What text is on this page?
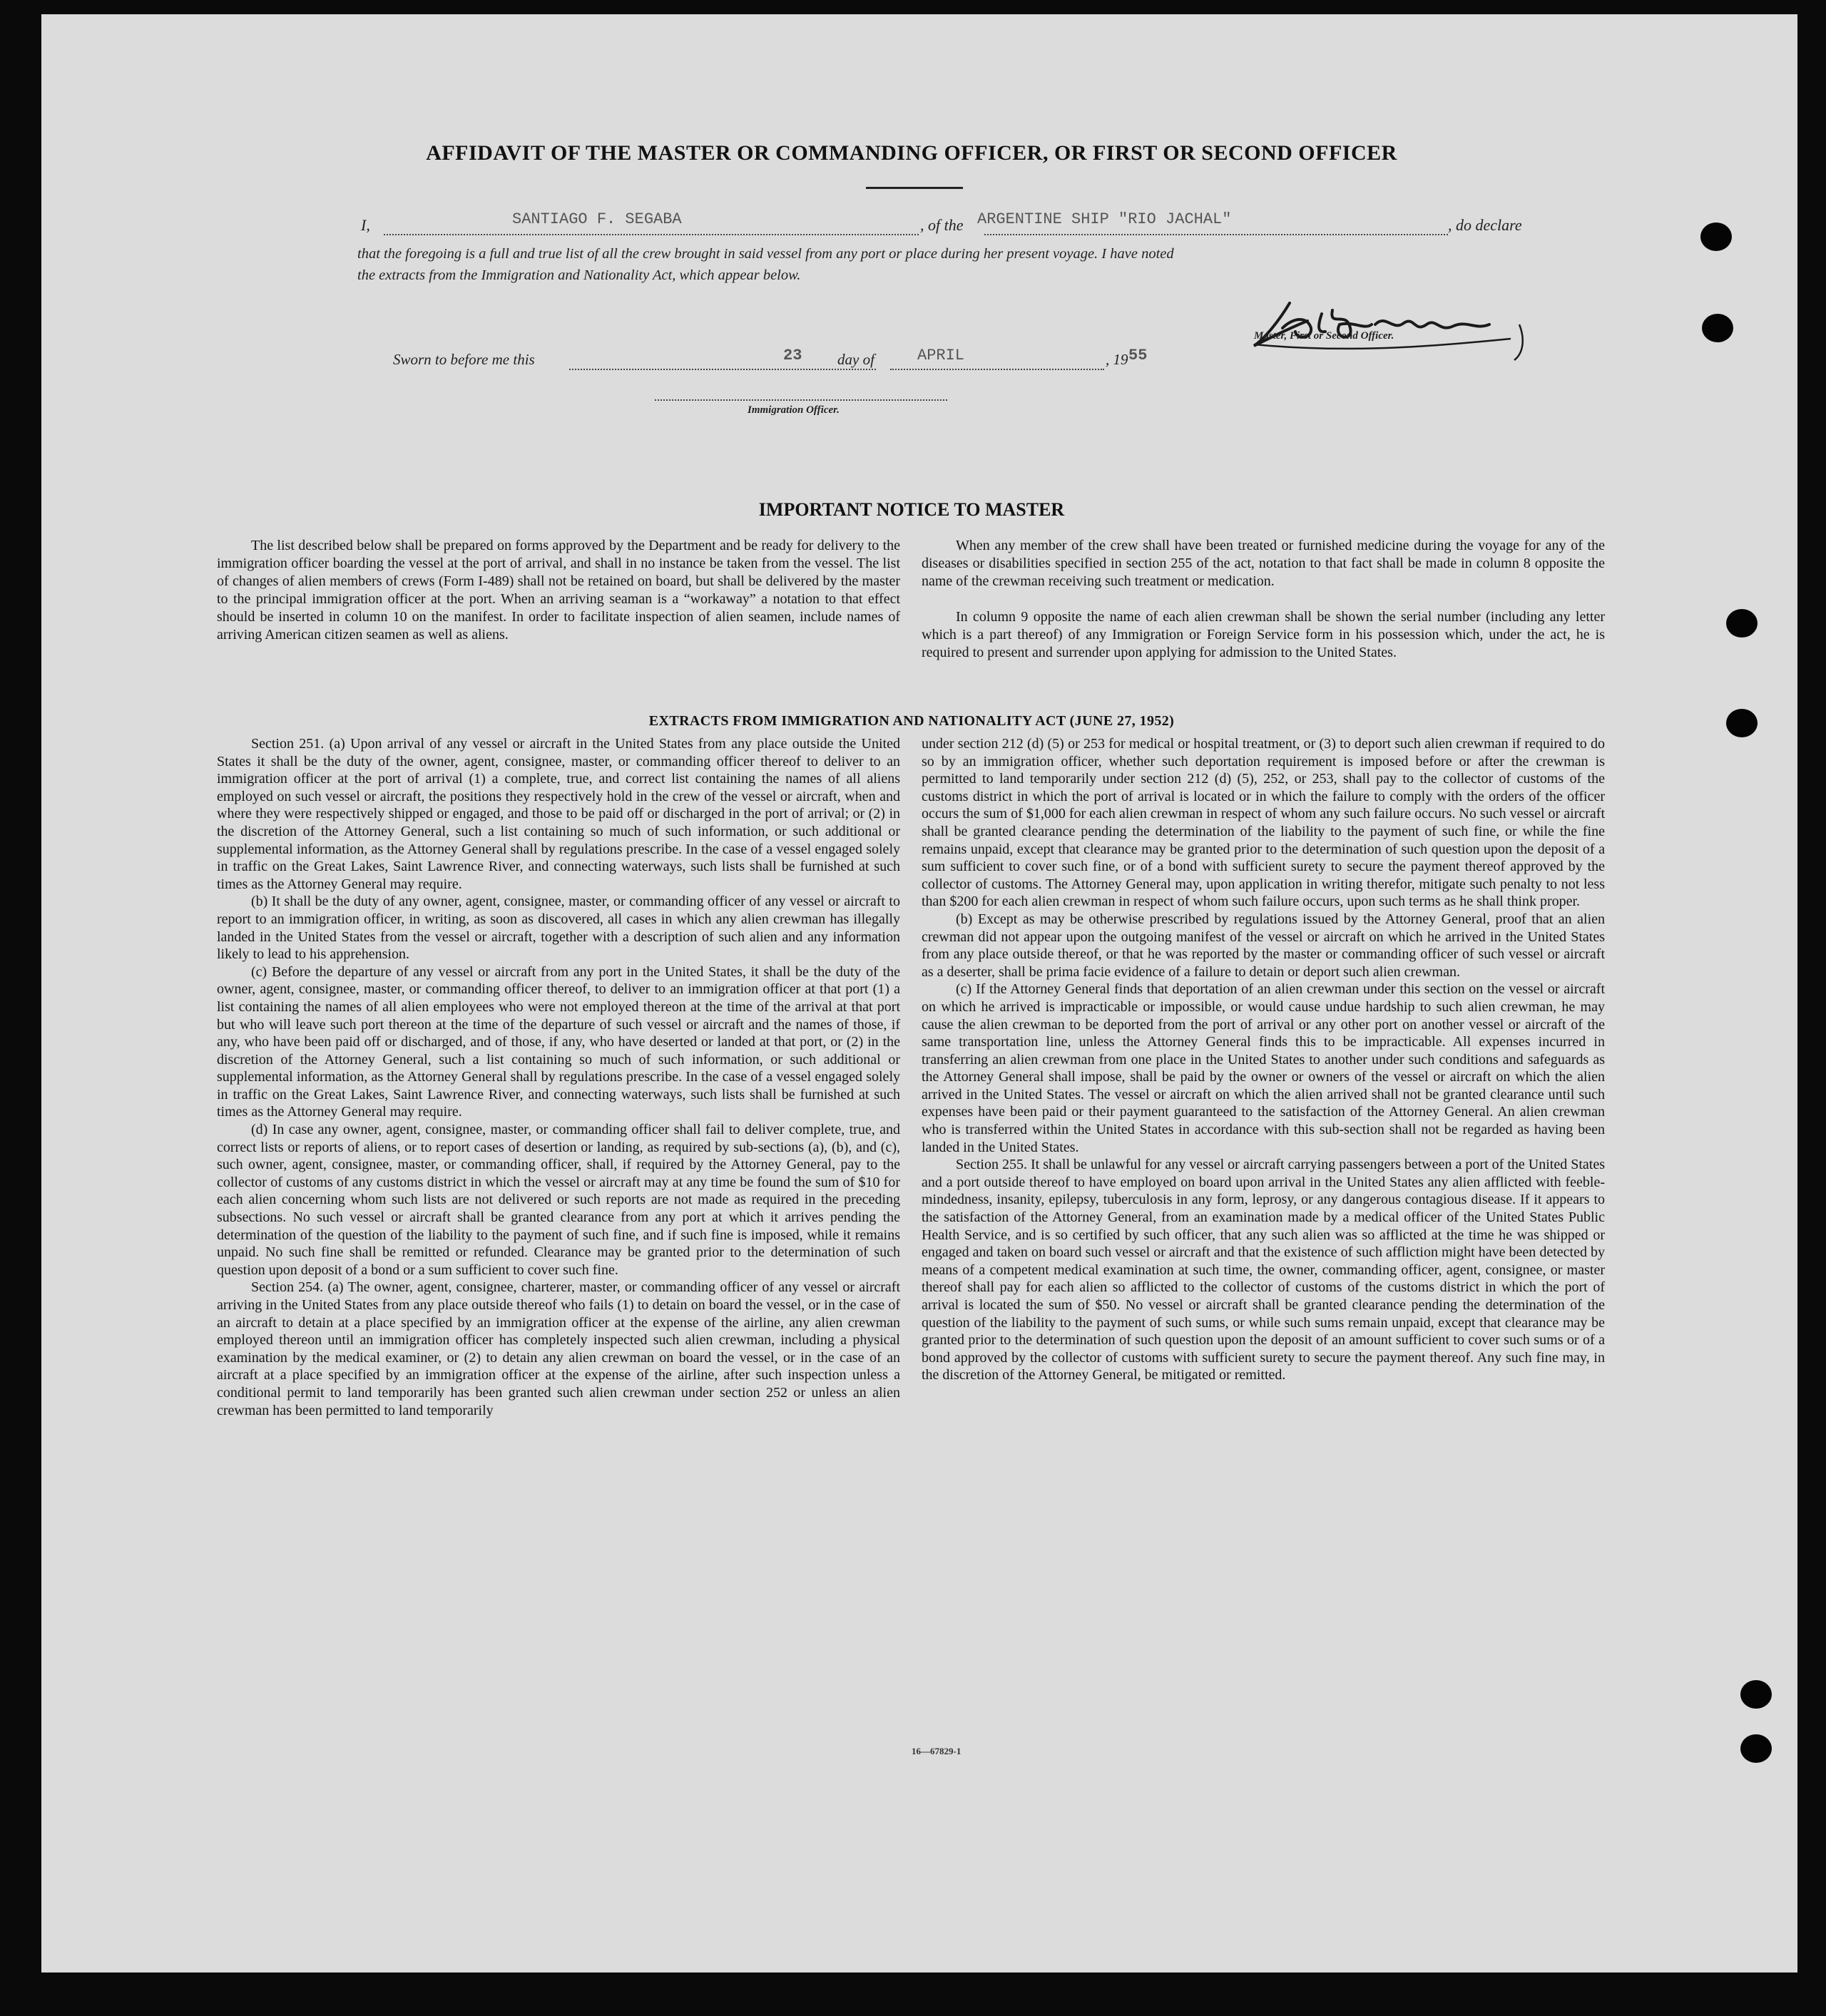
AFFIDAVIT OF THE MASTER OR COMMANDING OFFICER, OR FIRST OR SECOND OFFICER
I,	SANTIAGO F. SEGABA	, of the ARGENTINE SHIP "RIO JACHAL"	, do declare
that the foregoing is a full and true list of all the crew brought in said vessel from any port or place during her present voyage. I have noted
the extracts from the Immigration and Nationality Act, which appear below.
Master, First or Second Officer.
Sworn to before me this	23 day of	APRIL	, 19 55
Immigration Officer.
IMPORTANT NOTICE TO MASTER

The list described below shall be prepared on forms approved by the Department and be ready for delivery to the immigration officer boarding the vessel at the port of arrival, and shall in no instance be taken from the vessel. The list of changes of alien members of crews (Form I-489) shall not be retained on board, but shall be delivered by the master to the principal immigration officer at the port. When an arriving seaman is a “workaway” a notation to that effect should be inserted in column 10 on the manifest. In order to facilitate inspection of alien seamen, include names of arriving American citizen seamen as well as aliens.

When any member of the crew shall have been treated or furnished medicine during the voyage for any of the diseases or disabilities specified in section 255 of the act, notation to that fact shall be made in column 8 opposite the name of the crewman receiving such treatment or medication.

In column 9 opposite the name of each alien crewman shall be shown the serial number (including any letter which is a part thereof) of any Immigration or Foreign Service form in his possession which, under the act, he is required to present and surrender upon applying for admission to the United States.

EXTRACTS FROM IMMIGRATION AND NATIONALITY ACT (JUNE 27, 1952)

Section 251. (a) Upon arrival of any vessel or aircraft in the United States from any place outside the United States it shall be the duty of the owner, agent, consignee, master, or commanding officer thereof to deliver to an immigration officer at the port of arrival (1) a complete, true, and correct list containing the names of all aliens employed on such vessel or aircraft, the positions they respectively hold in the crew of the vessel or aircraft, when and where they were respectively shipped or engaged, and those to be paid off or discharged in the port of arrival; or (2) in the discretion of the Attorney General, such a list containing so much of such information, or such additional or supplemental information, as the Attorney General shall by regulations prescribe. In the case of a vessel engaged solely in traffic on the Great Lakes, Saint Lawrence River, and connecting waterways, such lists shall be furnished at such times as the Attorney General may require.

(b) It shall be the duty of any owner, agent, consignee, master, or commanding officer of any vessel or aircraft to report to an immigration officer, in writing, as soon as discovered, all cases in which any alien crewman has illegally landed in the United States from the vessel or aircraft, together with a description of such alien and any information likely to lead to his apprehension.

(c) Before the departure of any vessel or aircraft from any port in the United States, it shall be the duty of the owner, agent, consignee, master, or commanding officer thereof, to deliver to an immigration officer at that port (1) a list containing the names of all alien employees who were not employed thereon at the time of the arrival at that port but who will leave such port thereon at the time of the departure of such vessel or aircraft and the names of those, if any, who have been paid off or discharged, and of those, if any, who have deserted or landed at that port, or (2) in the discretion of the Attorney General, such a list containing so much of such information, or such additional or supplemental information, as the Attorney General shall by regulations prescribe. In the case of a vessel engaged solely in traffic on the Great Lakes, Saint Lawrence River, and connecting waterways, such lists shall be furnished at such times as the Attorney General may require.

(d) In case any owner, agent, consignee, master, or commanding officer shall fail to deliver complete, true, and correct lists or reports of aliens, or to report cases of desertion or landing, as required by sub-sections (a), (b), and (c), such owner, agent, consignee, master, or commanding officer, shall, if required by the Attorney General, pay to the collector of customs of any customs district in which the vessel or aircraft may at any time be found the sum of $10 for each alien concerning whom such lists are not delivered or such reports are not made as required in the preceding subsections. No such vessel or aircraft shall be granted clearance from any port at which it arrives pending the determination of the question of the liability to the payment of such fine, and if such fine is imposed, while it remains unpaid. No such fine shall be remitted or refunded. Clearance may be granted prior to the determination of such question upon deposit of a bond or a sum sufficient to cover such fine.

Section 254. (a) The owner, agent, consignee, charterer, master, or commanding officer of any vessel or aircraft arriving in the United States from any place outside thereof who fails (1) to detain on board the vessel, or in the case of an aircraft to detain at a place specified by an immigration officer at the expense of the airline, any alien crewman employed thereon until an immigration officer has completely inspected such alien crewman, including a physical examination by the medical examiner, or (2) to detain any alien crewman on board the vessel, or in the case of an aircraft at a place specified by an immigration officer at the expense of the airline, after such inspection unless a conditional permit to land temporarily has been granted such alien crewman under section 252 or unless an alien crewman has been permitted to land temporarily

under section 212 (d) (5) or 253 for medical or hospital treatment, or (3) to deport such alien crewman if required to do so by an immigration officer, whether such deportation requirement is imposed before or after the crewman is permitted to land temporarily under section 212 (d) (5), 252, or 253, shall pay to the collector of customs of the customs district in which the port of arrival is located or in which the failure to comply with the orders of the officer occurs the sum of $1,000 for each alien crewman in respect of whom any such failure occurs. No such vessel or aircraft shall be granted clearance pending the determination of the liability to the payment of such fine, or while the fine remains unpaid, except that clearance may be granted prior to the determination of such question upon the deposit of a sum sufficient to cover such fine, or of a bond with sufficient surety to secure the payment thereof approved by the collector of customs. The Attorney General may, upon application in writing therefor, mitigate such penalty to not less than $200 for each alien crewman in respect of whom such failure occurs, upon such terms as he shall think proper.

(b) Except as may be otherwise prescribed by regulations issued by the Attorney General, proof that an alien crewman did not appear upon the outgoing manifest of the vessel or aircraft on which he arrived in the United States from any place outside thereof, or that he was reported by the master or commanding officer of such vessel or aircraft as a deserter, shall be prima facie evidence of a failure to detain or deport such alien crewman.

(c) If the Attorney General finds that deportation of an alien crewman under this section on the vessel or aircraft on which he arrived is impracticable or impossible, or would cause undue hardship to such alien crewman, he may cause the alien crewman to be deported from the port of arrival or any other port on another vessel or aircraft of the same transportation line, unless the Attorney General finds this to be impracticable. All expenses incurred in transferring an alien crewman from one place in the United States to another under such conditions and safeguards as the Attorney General shall impose, shall be paid by the owner or owners of the vessel or aircraft on which the alien arrived in the United States. The vessel or aircraft on which the alien arrived shall not be granted clearance until such expenses have been paid or their payment guaranteed to the satisfaction of the Attorney General. An alien crewman who is transferred within the United States in accordance with this sub-section shall not be regarded as having been landed in the United States.

Section 255. It shall be unlawful for any vessel or aircraft carrying passengers between a port of the United States and a port outside thereof to have employed on board upon arrival in the United States any alien afflicted with feeble-mindedness, insanity, epilepsy, tuberculosis in any form, leprosy, or any dangerous contagious disease. If it appears to the satisfaction of the Attorney General, from an examination made by a medical officer of the United States Public Health Service, and is so certified by such officer, that any such alien was so afflicted at the time he was shipped or engaged and taken on board such vessel or aircraft and that the existence of such affliction might have been detected by means of a competent medical examination at such time, the owner, commanding officer, agent, consignee, or master thereof shall pay for each alien so afflicted to the collector of customs of the customs district in which the port of arrival is located the sum of $50. No vessel or aircraft shall be granted clearance pending the determination of the question of the liability to the payment of such sums, or while such sums remain unpaid, except that clearance may be granted prior to the determination of such question upon the deposit of an amount sufficient to cover such sums or of a bond approved by the collector of customs with sufficient surety to secure the payment thereof. Any such fine may, in the discretion of the Attorney General, be mitigated or remitted.

16—67829-1
